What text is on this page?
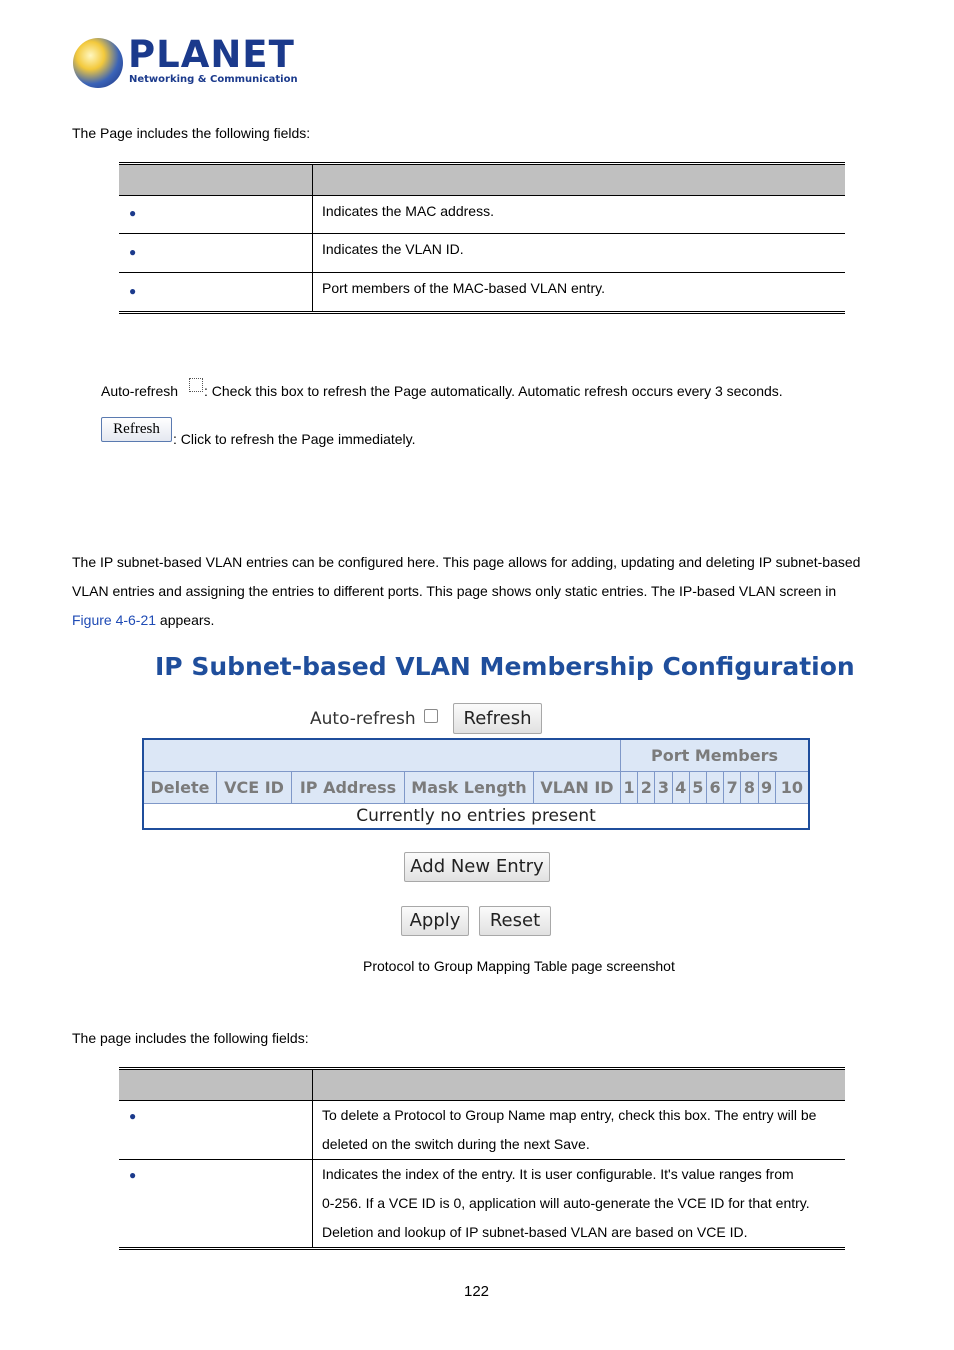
PLANET
Networking & Communication
The Page includes the following fields:

●	Indicates the MAC address.

●	Indicates the VLAN ID.

●	Port members of the MAC-based VLAN entry.
Auto-refresh : Check this box to refresh the Page automatically. Automatic refresh occurs every 3 seconds.
Refresh
: Click to refresh the Page immediately.
The IP subnet-based VLAN entries can be configured here. This page allows for adding, updating and deleting IP subnet-based
VLAN entries and assigning the entries to different ports. This page shows only static entries. The IP-based VLAN screen in
Figure 4-6-21 appears.
IP Subnet-based VLAN Membership Configuration
Auto-refresh	Refresh
					Port Members									
Delete	VCE ID	IP Address	Mask Length	VLAN ID	1	2	3	4	5	6	7	8	9	10
Currently no entries present														
Add New Entry
Apply	Reset
Protocol to Group Mapping Table page screenshot
The page includes the following fields:

●	To delete a Protocol to Group Name map entry, check this box. The entry will be
deleted on the switch during the next Save.

●	Indicates the index of the entry. It is user configurable. It's value ranges from
0-256. If a VCE ID is 0, application will auto-generate the VCE ID for that entry.
Deletion and lookup of IP subnet-based VLAN are based on VCE ID.
122
